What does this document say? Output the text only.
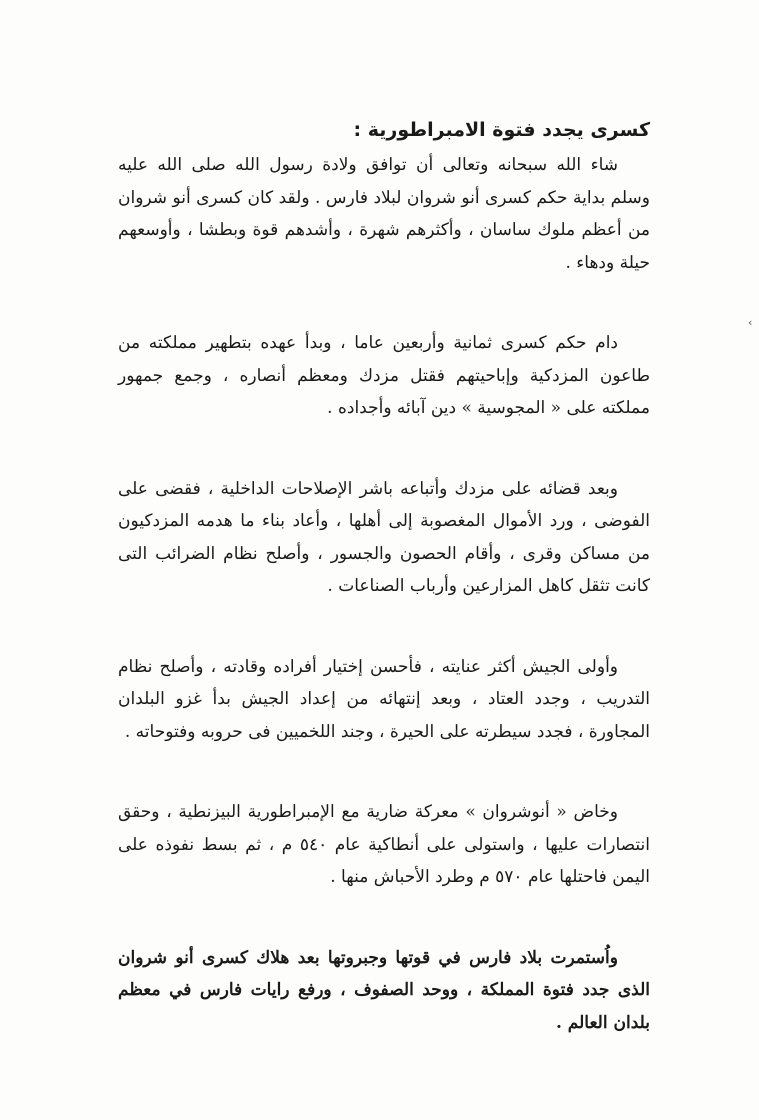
‹
كسرى يجدد فتوة الامبراطورية :

شاء الله سبحانه وتعالى أن توافق ولادة رسول الله صلى الله عليه وسلم بداية حكم كسرى أنو شروان لبلاد فارس . ولقد كان كسرى أنو شروان من أعظم ملوك ساسان ، وأكثرهم شهرة ، وأشدهم قوة وبطشا ، وأوسعهم حيلة ودهاء .

دام حكم كسرى ثمانية وأربعين عاما ، وبدأ عهده بتطهير مملكته من طاعون المزدكية وإباحيتهم فقتل مزدك ومعظم أنصاره ، وجمع جمهور مملكته على « المجوسية » دين آبائه وأجداده .

وبعد قضائه على مزدك وأتباعه باشر الإصلاحات الداخلية ، فقضى على الفوضى ، ورد الأموال المغصوبة إلى أهلها ، وأعاد بناء ما هدمه المزدكيون من مساكن وقرى ، وأقام الحصون والجسور ، وأصلح نظام الضرائب التى كانت تثقل كاهل المزارعين وأرباب الصناعات .

وأولى الجيش أكثر عنايته ، فأحسن إختيار أفراده وقادته ، وأصلح نظام التدريب ، وجدد العتاد ، وبعد إنتهائه من إعداد الجيش بدأ غزو البلدان المجاورة ، فجدد سيطرته على الحيرة ، وجند اللخميين فى حروبه وفتوحاته .

وخاض « أنوشروان » معركة ضارية مع الإمبراطورية البيزنطية ، وحقق انتصارات عليها ، واستولى على أنطاكية عام ٥٤٠ م ، ثم بسط نفوذه على اليمن فاحتلها عام ٥٧٠ م وطرد الأحباش منها .

واُستمرت بلاد فارس في قوتها وجبروتها بعد هلاك كسرى أنو شروان الذى جدد فتوة المملكة ، ووحد الصفوف ، ورفع رايات فارس في معظم بلدان العالم .
